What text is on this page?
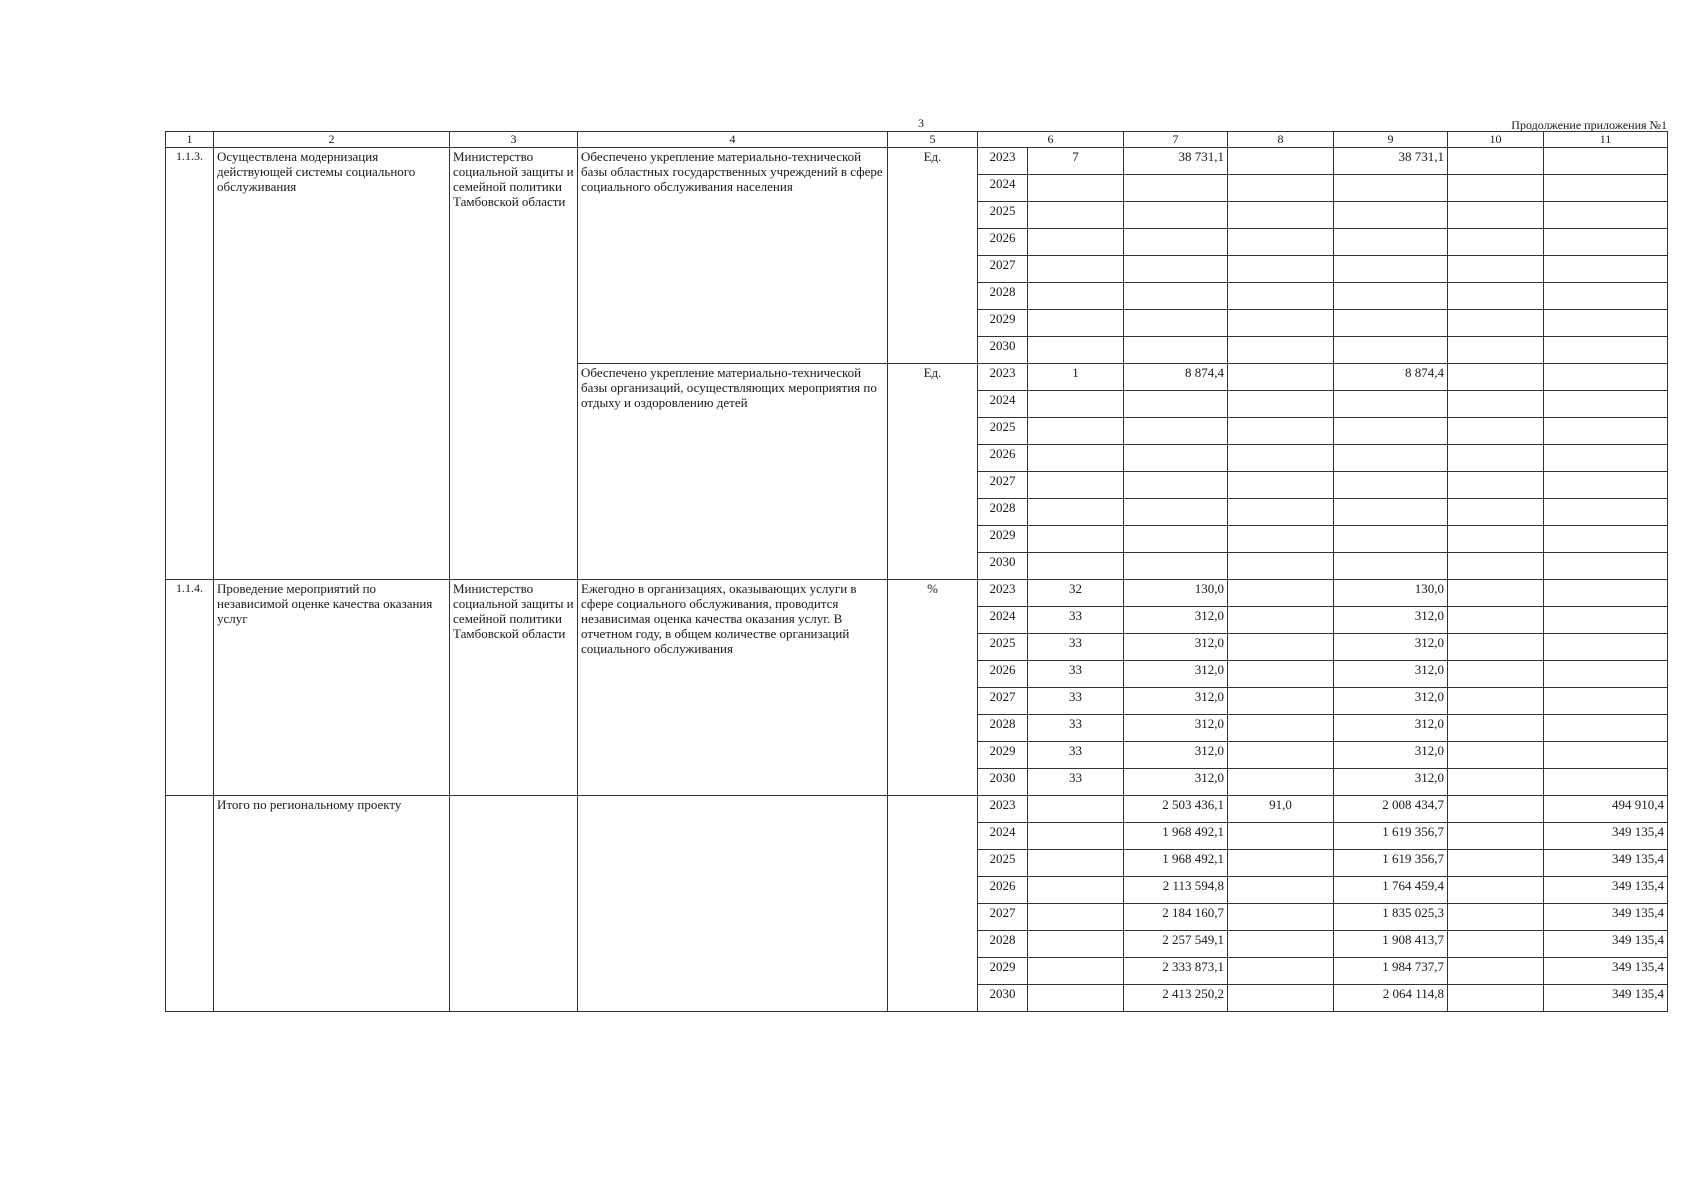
3	Продолжение приложения №1
1	2	3	4	5	6		7	8	9	10	11
1.1.3.	Осуществлена модернизация действующей системы социального обслуживания	Министерство социальной защиты и семейной политики Тамбовской области	Обеспечено укрепление материально-технической базы областных государственных учреждений в сфере социального обслуживания населения	Ед.	2023	7	38 731,1		38 731,1		
					2024						
					2025						
					2026						
					2027						
					2028						
					2029						
					2030						
			Обеспечено укрепление материально-технической базы организаций, осуществляющих мероприятия по отдыху и оздоровлению детей	Ед.	2023	1	8 874,4		8 874,4		
					2024						
					2025						
					2026						
					2027						
					2028						
					2029						
					2030						
1.1.4.	Проведение мероприятий по независимой оценке качества оказания услуг	Министерство социальной защиты и семейной политики Тамбовской области	Ежегодно в организациях, оказывающих услуги в сфере социального обслуживания, проводится независимая оценка качества оказания услуг. В отчетном году, в общем количестве организаций социального обслуживания	%	2023	32	130,0		130,0		
					2024	33	312,0		312,0		
					2025	33	312,0		312,0		
					2026	33	312,0		312,0		
					2027	33	312,0		312,0		
					2028	33	312,0		312,0		
					2029	33	312,0		312,0		
					2030	33	312,0		312,0		
	Итого по региональному проекту				2023		2 503 436,1	91,0	2 008 434,7		494 910,4
					2024		1 968 492,1		1 619 356,7		349 135,4
					2025		1 968 492,1		1 619 356,7		349 135,4
					2026		2 113 594,8		1 764 459,4		349 135,4
					2027		2 184 160,7		1 835 025,3		349 135,4
					2028		2 257 549,1		1 908 413,7		349 135,4
					2029		2 333 873,1		1 984 737,7		349 135,4
					2030		2 413 250,2		2 064 114,8		349 135,4
